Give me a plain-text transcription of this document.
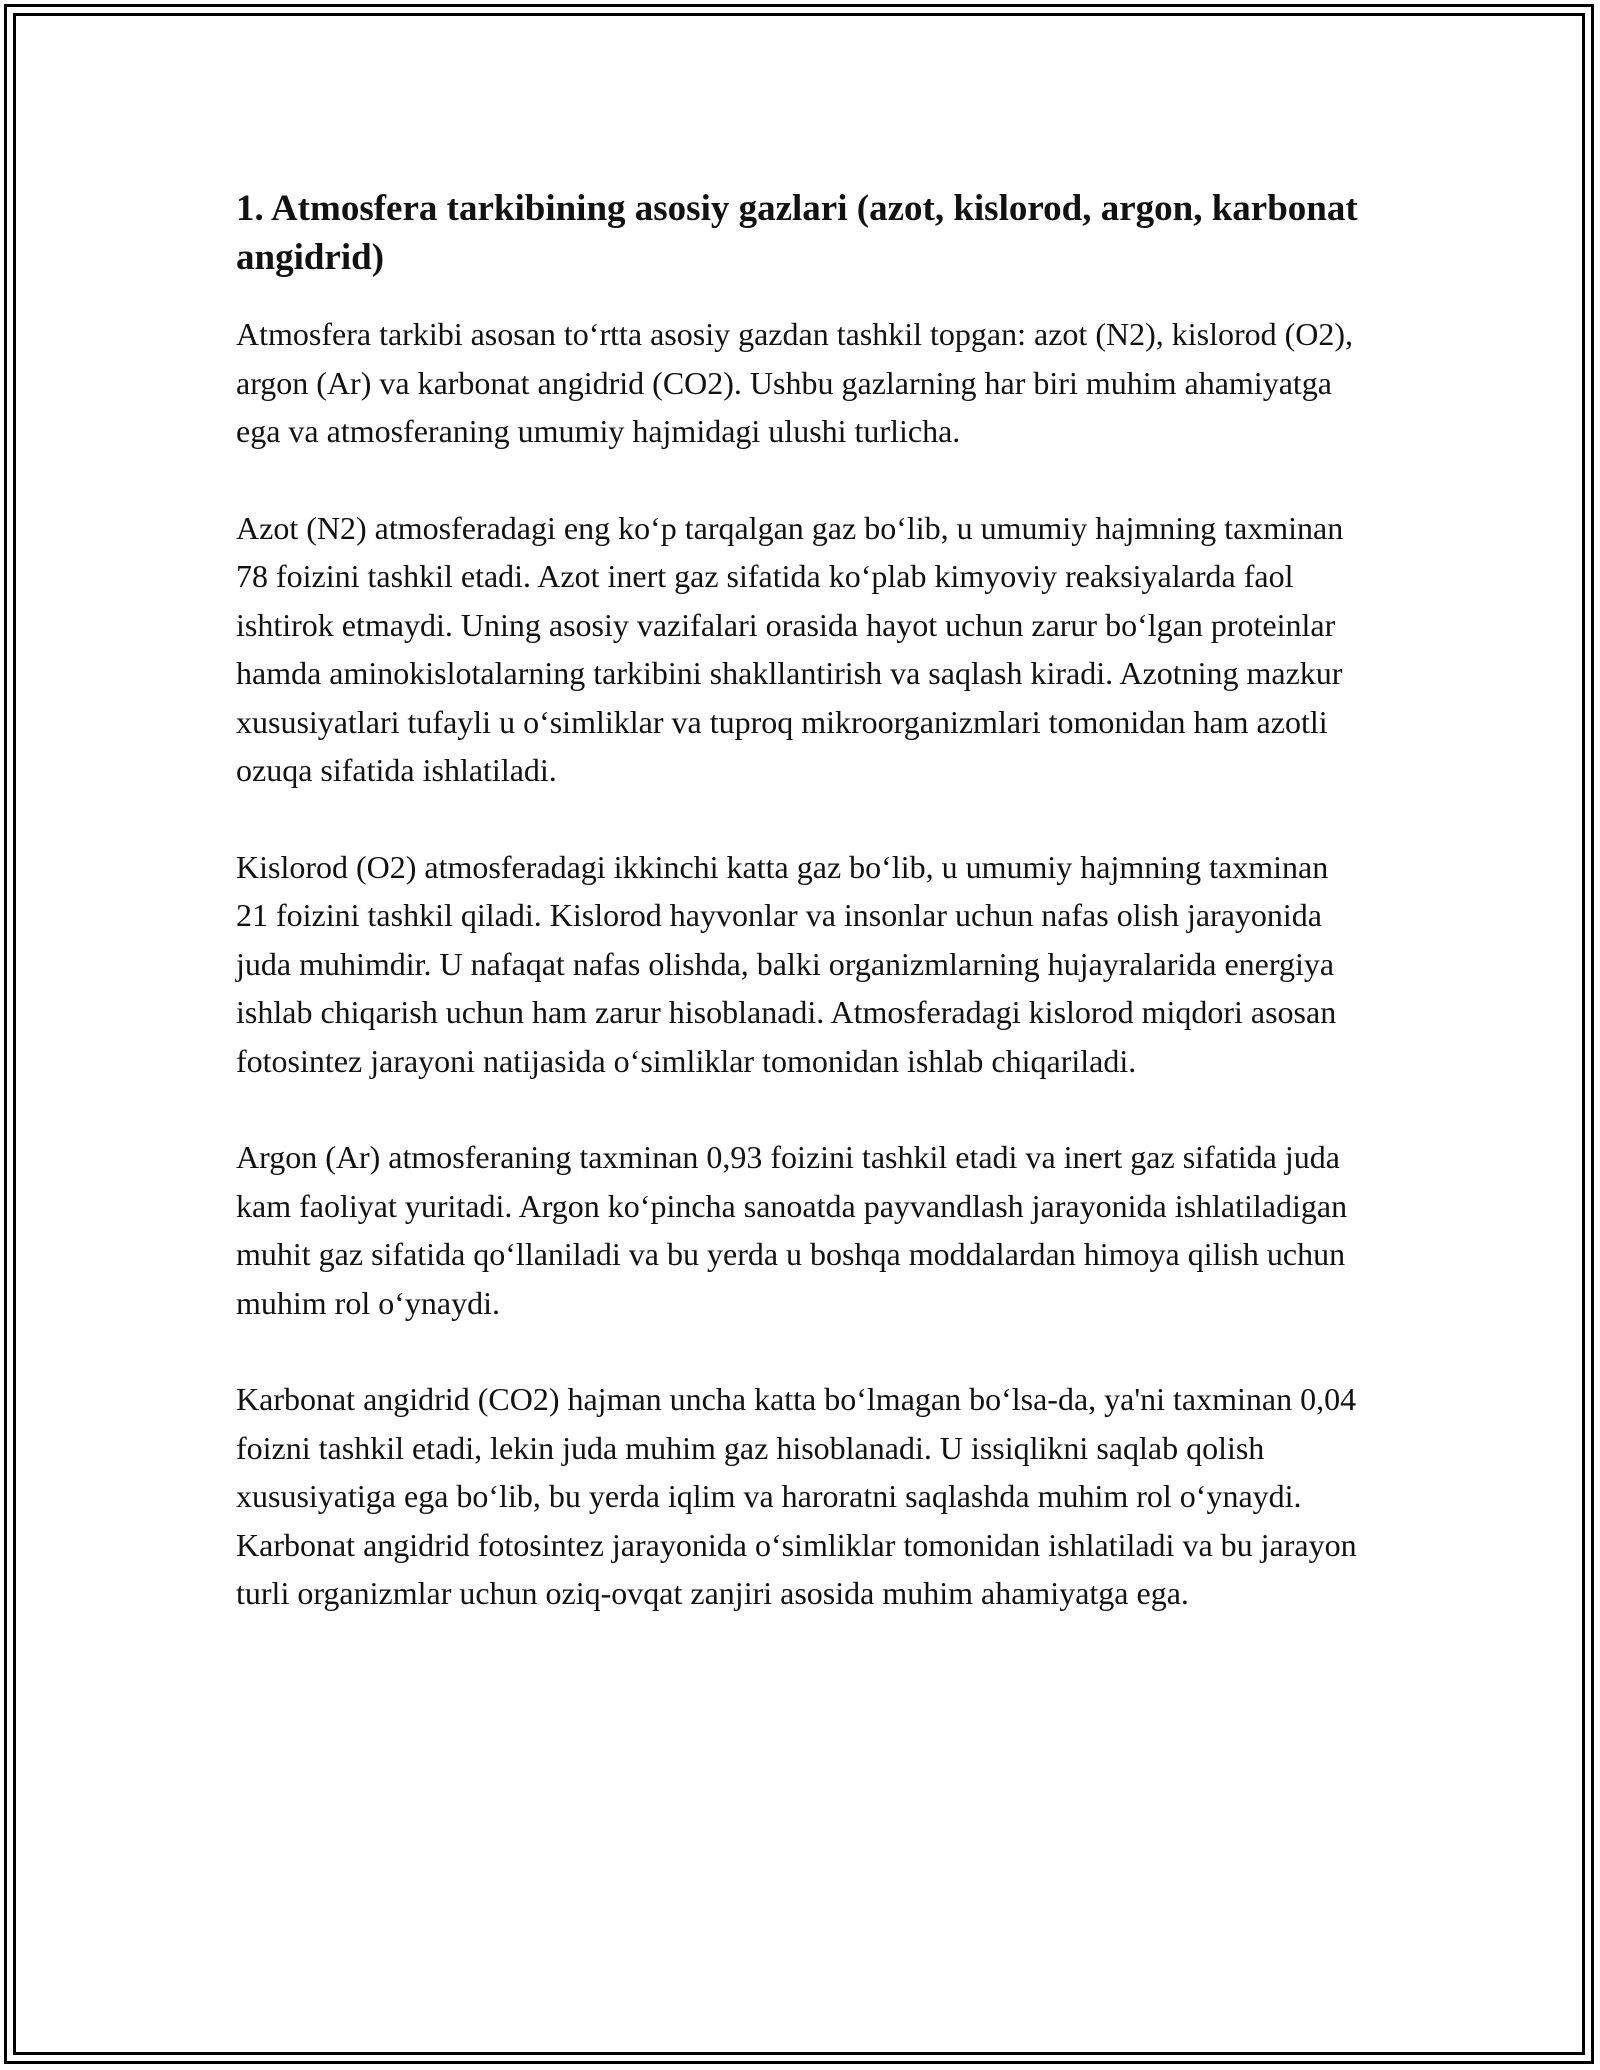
1. Atmosfera tarkibining asosiy gazlari (azot, kislorod, argon, karbonat angidrid)

Atmosfera tarkibi asosan to‘rtta asosiy gazdan tashkil topgan: azot (N2), kislorod (O2), argon (Ar) va karbonat angidrid (CO2). Ushbu gazlarning har biri muhim ahamiyatga ega va atmosferaning umumiy hajmidagi ulushi turlicha.

Azot (N2) atmosferadagi eng ko‘p tarqalgan gaz bo‘lib, u umumiy hajmning taxminan 78 foizini tashkil etadi. Azot inert gaz sifatida ko‘plab kimyoviy reaksiyalarda faol ishtirok etmaydi. Uning asosiy vazifalari orasida hayot uchun zarur bo‘lgan proteinlar hamda aminokislotalarning tarkibini shakllantirish va saqlash kiradi. Azotning mazkur xususiyatlari tufayli u o‘simliklar va tuproq mikroorganizmlari tomonidan ham azotli ozuqa sifatida ishlatiladi.

Kislorod (O2) atmosferadagi ikkinchi katta gaz bo‘lib, u umumiy hajmning taxminan 21 foizini tashkil qiladi. Kislorod hayvonlar va insonlar uchun nafas olish jarayonida juda muhimdir. U nafaqat nafas olishda, balki organizmlarning hujayralarida energiya ishlab chiqarish uchun ham zarur hisoblanadi. Atmosferadagi kislorod miqdori asosan fotosintez jarayoni natijasida o‘simliklar tomonidan ishlab chiqariladi.

Argon (Ar) atmosferaning taxminan 0,93 foizini tashkil etadi va inert gaz sifatida juda kam faoliyat yuritadi. Argon ko‘pincha sanoatda payvandlash jarayonida ishlatiladigan muhit gaz sifatida qo‘llaniladi va bu yerda u boshqa moddalardan himoya qilish uchun muhim rol o‘ynaydi.

Karbonat angidrid (CO2) hajman uncha katta bo‘lmagan bo‘lsa-da, ya'ni taxminan 0,04 foizni tashkil etadi, lekin juda muhim gaz hisoblanadi. U issiqlikni saqlab qolish xususiyatiga ega bo‘lib, bu yerda iqlim va haroratni saqlashda muhim rol o‘ynaydi. Karbonat angidrid fotosintez jarayonida o‘simliklar tomonidan ishlatiladi va bu jarayon turli organizmlar uchun oziq-ovqat zanjiri asosida muhim ahamiyatga ega.
